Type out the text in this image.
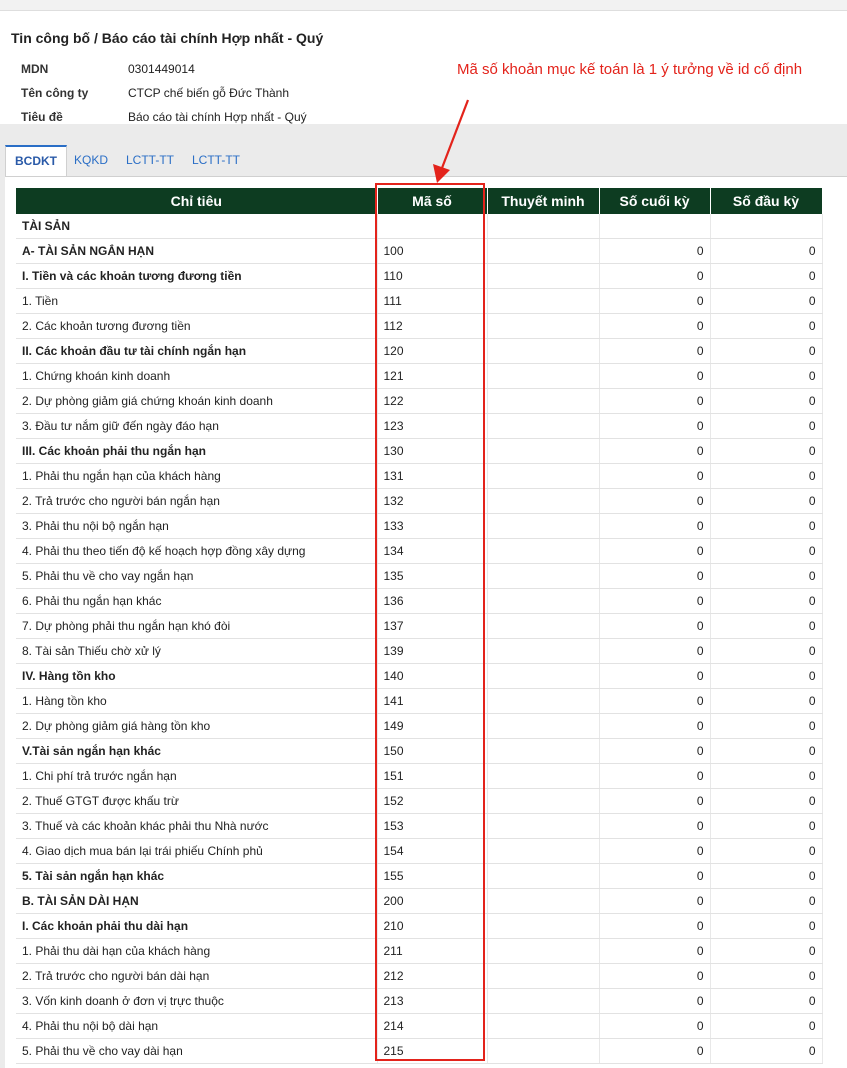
Tin công bố / Báo cáo tài chính Hợp nhất - Quý
MDN	0301449014
Tên công ty	CTCP chế biến gỗ Đức Thành
Tiêu đề	Báo cáo tài chính Hợp nhất - Quý
Mã số khoản mục kế toán là 1 ý tưởng về id cố định
BCDKT	KQKD	LCTT-TT	LCTT-TT
Chỉ tiêu	Mã số	Thuyết minh	Số cuối kỳ	Số đầu kỳ
TÀI SẢN				
A- TÀI SẢN NGẮN HẠN	100		0	0
I. Tiền và các khoản tương đương tiền	110		0	0
1. Tiền	111		0	0
2. Các khoản tương đương tiền	112		0	0
II. Các khoản đầu tư tài chính ngắn hạn	120		0	0
1. Chứng khoán kinh doanh	121		0	0
2. Dự phòng giảm giá chứng khoán kinh doanh	122		0	0
3. Đầu tư nắm giữ đến ngày đáo hạn	123		0	0
III. Các khoản phải thu ngắn hạn	130		0	0
1. Phải thu ngắn hạn của khách hàng	131		0	0
2. Trả trước cho người bán ngắn hạn	132		0	0
3. Phải thu nội bộ ngắn hạn	133		0	0
4. Phải thu theo tiến độ kế hoạch hợp đồng xây dựng	134		0	0
5. Phải thu về cho vay ngắn hạn	135		0	0
6. Phải thu ngắn hạn khác	136		0	0
7. Dự phòng phải thu ngắn hạn khó đòi	137		0	0
8. Tài sản Thiếu chờ xử lý	139		0	0
IV. Hàng tồn kho	140		0	0
1. Hàng tồn kho	141		0	0
2. Dự phòng giảm giá hàng tồn kho	149		0	0
V.Tài sản ngắn hạn khác	150		0	0
1. Chi phí trả trước ngắn hạn	151		0	0
2. Thuế GTGT được khấu trừ	152		0	0
3. Thuế và các khoản khác phải thu Nhà nước	153		0	0
4. Giao dịch mua bán lại trái phiếu Chính phủ	154		0	0
5. Tài sản ngắn hạn khác	155		0	0
B. TÀI SẢN DÀI HẠN	200		0	0
I. Các khoản phải thu dài hạn	210		0	0
1. Phải thu dài hạn của khách hàng	211		0	0
2. Trả trước cho người bán dài hạn	212		0	0
3. Vốn kinh doanh ở đơn vị trực thuộc	213		0	0
4. Phải thu nội bộ dài hạn	214		0	0
5. Phải thu về cho vay dài hạn	215		0	0
